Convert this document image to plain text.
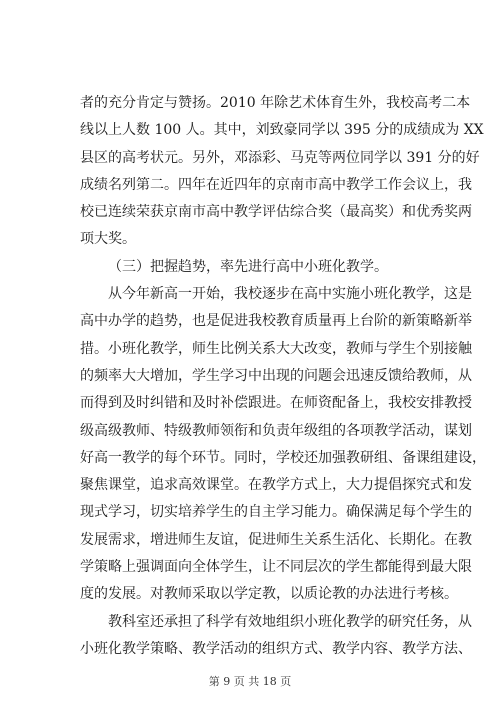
者的充分肯定与赞扬。2010 年除艺术体育生外，我校高考二本
线以上人数 100 人。其中，刘致豪同学以 395 分的成绩成为 XX
县区的高考状元。另外，邓添彩、马克等两位同学以 391 分的好
成绩名列第二。四年在近四年的京南市高中教学工作会议上，我
校已连续荣获京南市高中教学评估综合奖（最高奖）和优秀奖两
项大奖。
（三）把握趋势，率先进行高中小班化教学。
从今年新高一开始，我校逐步在高中实施小班化教学，这是
高中办学的趋势，也是促进我校教育质量再上台阶的新策略新举
措。小班化教学，师生比例关系大大改变，教师与学生个别接触
的频率大大增加，学生学习中出现的问题会迅速反馈给教师，从
而得到及时纠错和及时补偿跟进。在师资配备上，我校安排教授
级高级教师、特级教师领衔和负责年级组的各项教学活动，谋划
好高一教学的每个环节。同时，学校还加强教研组、备课组建设，
聚焦课堂，追求高效课堂。在教学方式上，大力提倡探究式和发
现式学习，切实培养学生的自主学习能力。确保满足每个学生的
发展需求，增进师生友谊，促进师生关系生活化、长期化。在教
学策略上强调面向全体学生，让不同层次的学生都能得到最大限
度的发展。对教师采取以学定教，以质论教的办法进行考核。
教科室还承担了科学有效地组织小班化教学的研究任务，从
小班化教学策略、教学活动的组织方式、教学内容、教学方法、
第 9 页 共 18 页
